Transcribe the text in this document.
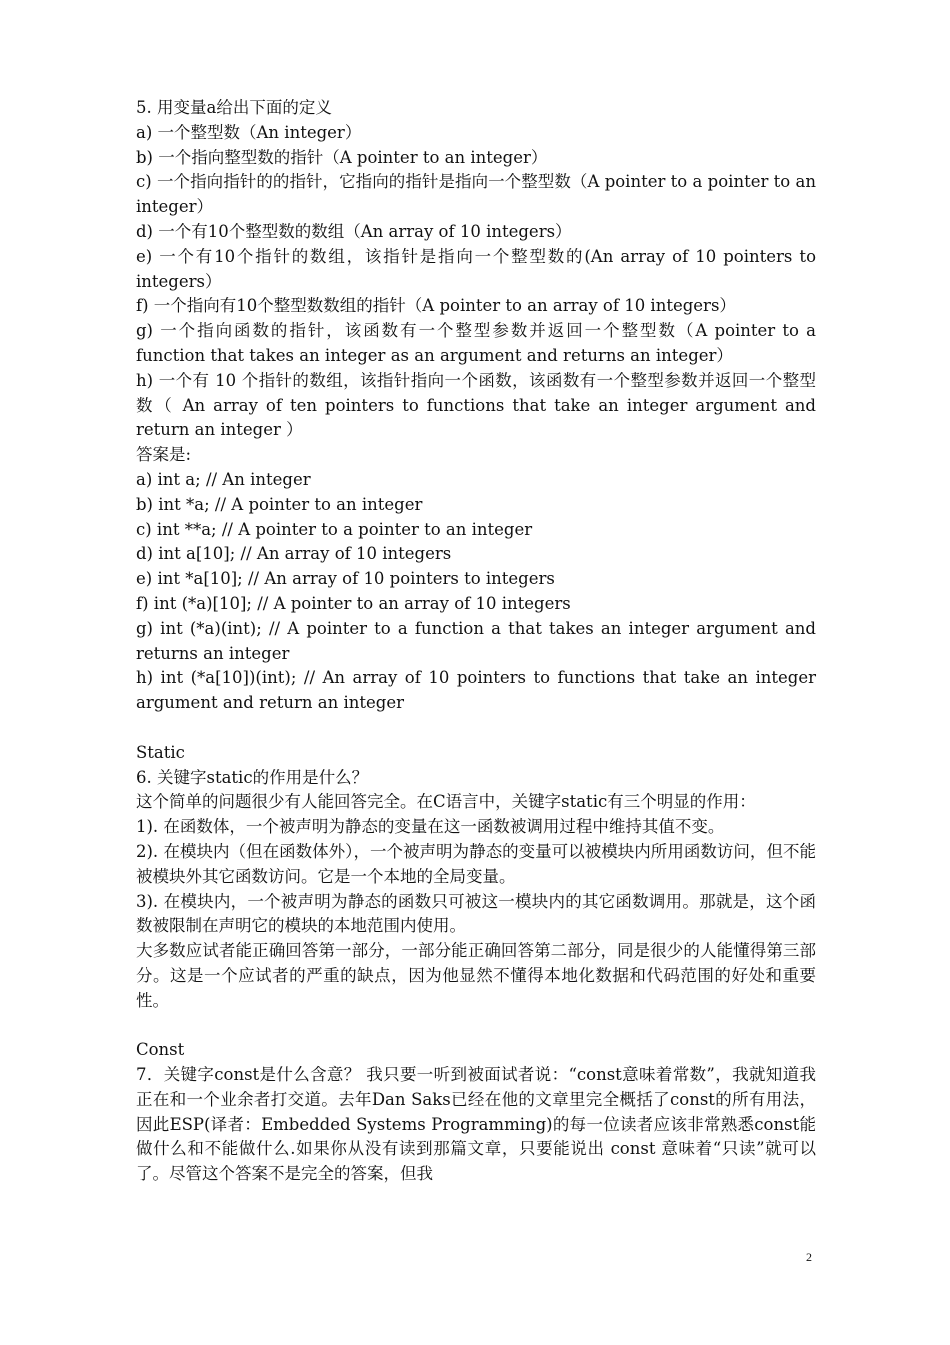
5. 用变量a给出下面的定义
a) 一个整型数（An integer）
b) 一个指向整型数的指针（A pointer to an integer）
c) 一个指向指针的的指针，它指向的指针是指向一个整型数（A pointer to a pointer to an integer）
d) 一个有10个整型数的数组（An array of 10 integers）
e) 一个有10个指针的数组，该指针是指向一个整型数的(An array of 10 pointers to integers）
f) 一个指向有10个整型数数组的指针（A pointer to an array of 10 integers）
g) 一个指向函数的指针，该函数有一个整型参数并返回一个整型数（A pointer to a function that takes an integer as an argument and returns an integer）
h) 一个有 10 个指针的数组，该指针指向一个函数，该函数有一个整型参数并返回一个整型数（ An array of ten pointers to functions that take an integer argument and return an integer ）
答案是:
a) int a; // An integer
b) int *a; // A pointer to an integer
c) int **a; // A pointer to a pointer to an integer
d) int a[10]; // An array of 10 integers
e) int *a[10]; // An array of 10 pointers to integers
f) int (*a)[10]; // A pointer to an array of 10 integers
g) int (*a)(int); // A pointer to a function a that takes an integer argument and returns an integer
h) int (*a[10])(int); // An array of 10 pointers to functions that take an integer argument and return an integer
Static
6. 关键字static的作用是什么？
这个简单的问题很少有人能回答完全。在C语言中，关键字static有三个明显的作用：
1). 在函数体，一个被声明为静态的变量在这一函数被调用过程中维持其值不变。
2). 在模块内（但在函数体外），一个被声明为静态的变量可以被模块内所用函数访问，但不能被模块外其它函数访问。它是一个本地的全局变量。
3). 在模块内，一个被声明为静态的函数只可被这一模块内的其它函数调用。那就是，这个函数被限制在声明它的模块的本地范围内使用。
大多数应试者能正确回答第一部分，一部分能正确回答第二部分，同是很少的人能懂得第三部分。这是一个应试者的严重的缺点，因为他显然不懂得本地化数据和代码范围的好处和重要性。
Const
7．关键字const是什么含意？ 我只要一听到被面试者说：“const意味着常数”，我就知道我正在和一个业余者打交道。去年Dan Saks已经在他的文章里完全概括了const的所有用法，因此ESP(译者：Embedded Systems Programming)的每一位读者应该非常熟悉const能做什么和不能做什么.如果你从没有读到那篇文章，只要能说出 const 意味着“只读”就可以了。尽管这个答案不是完全的答案，但我
2
